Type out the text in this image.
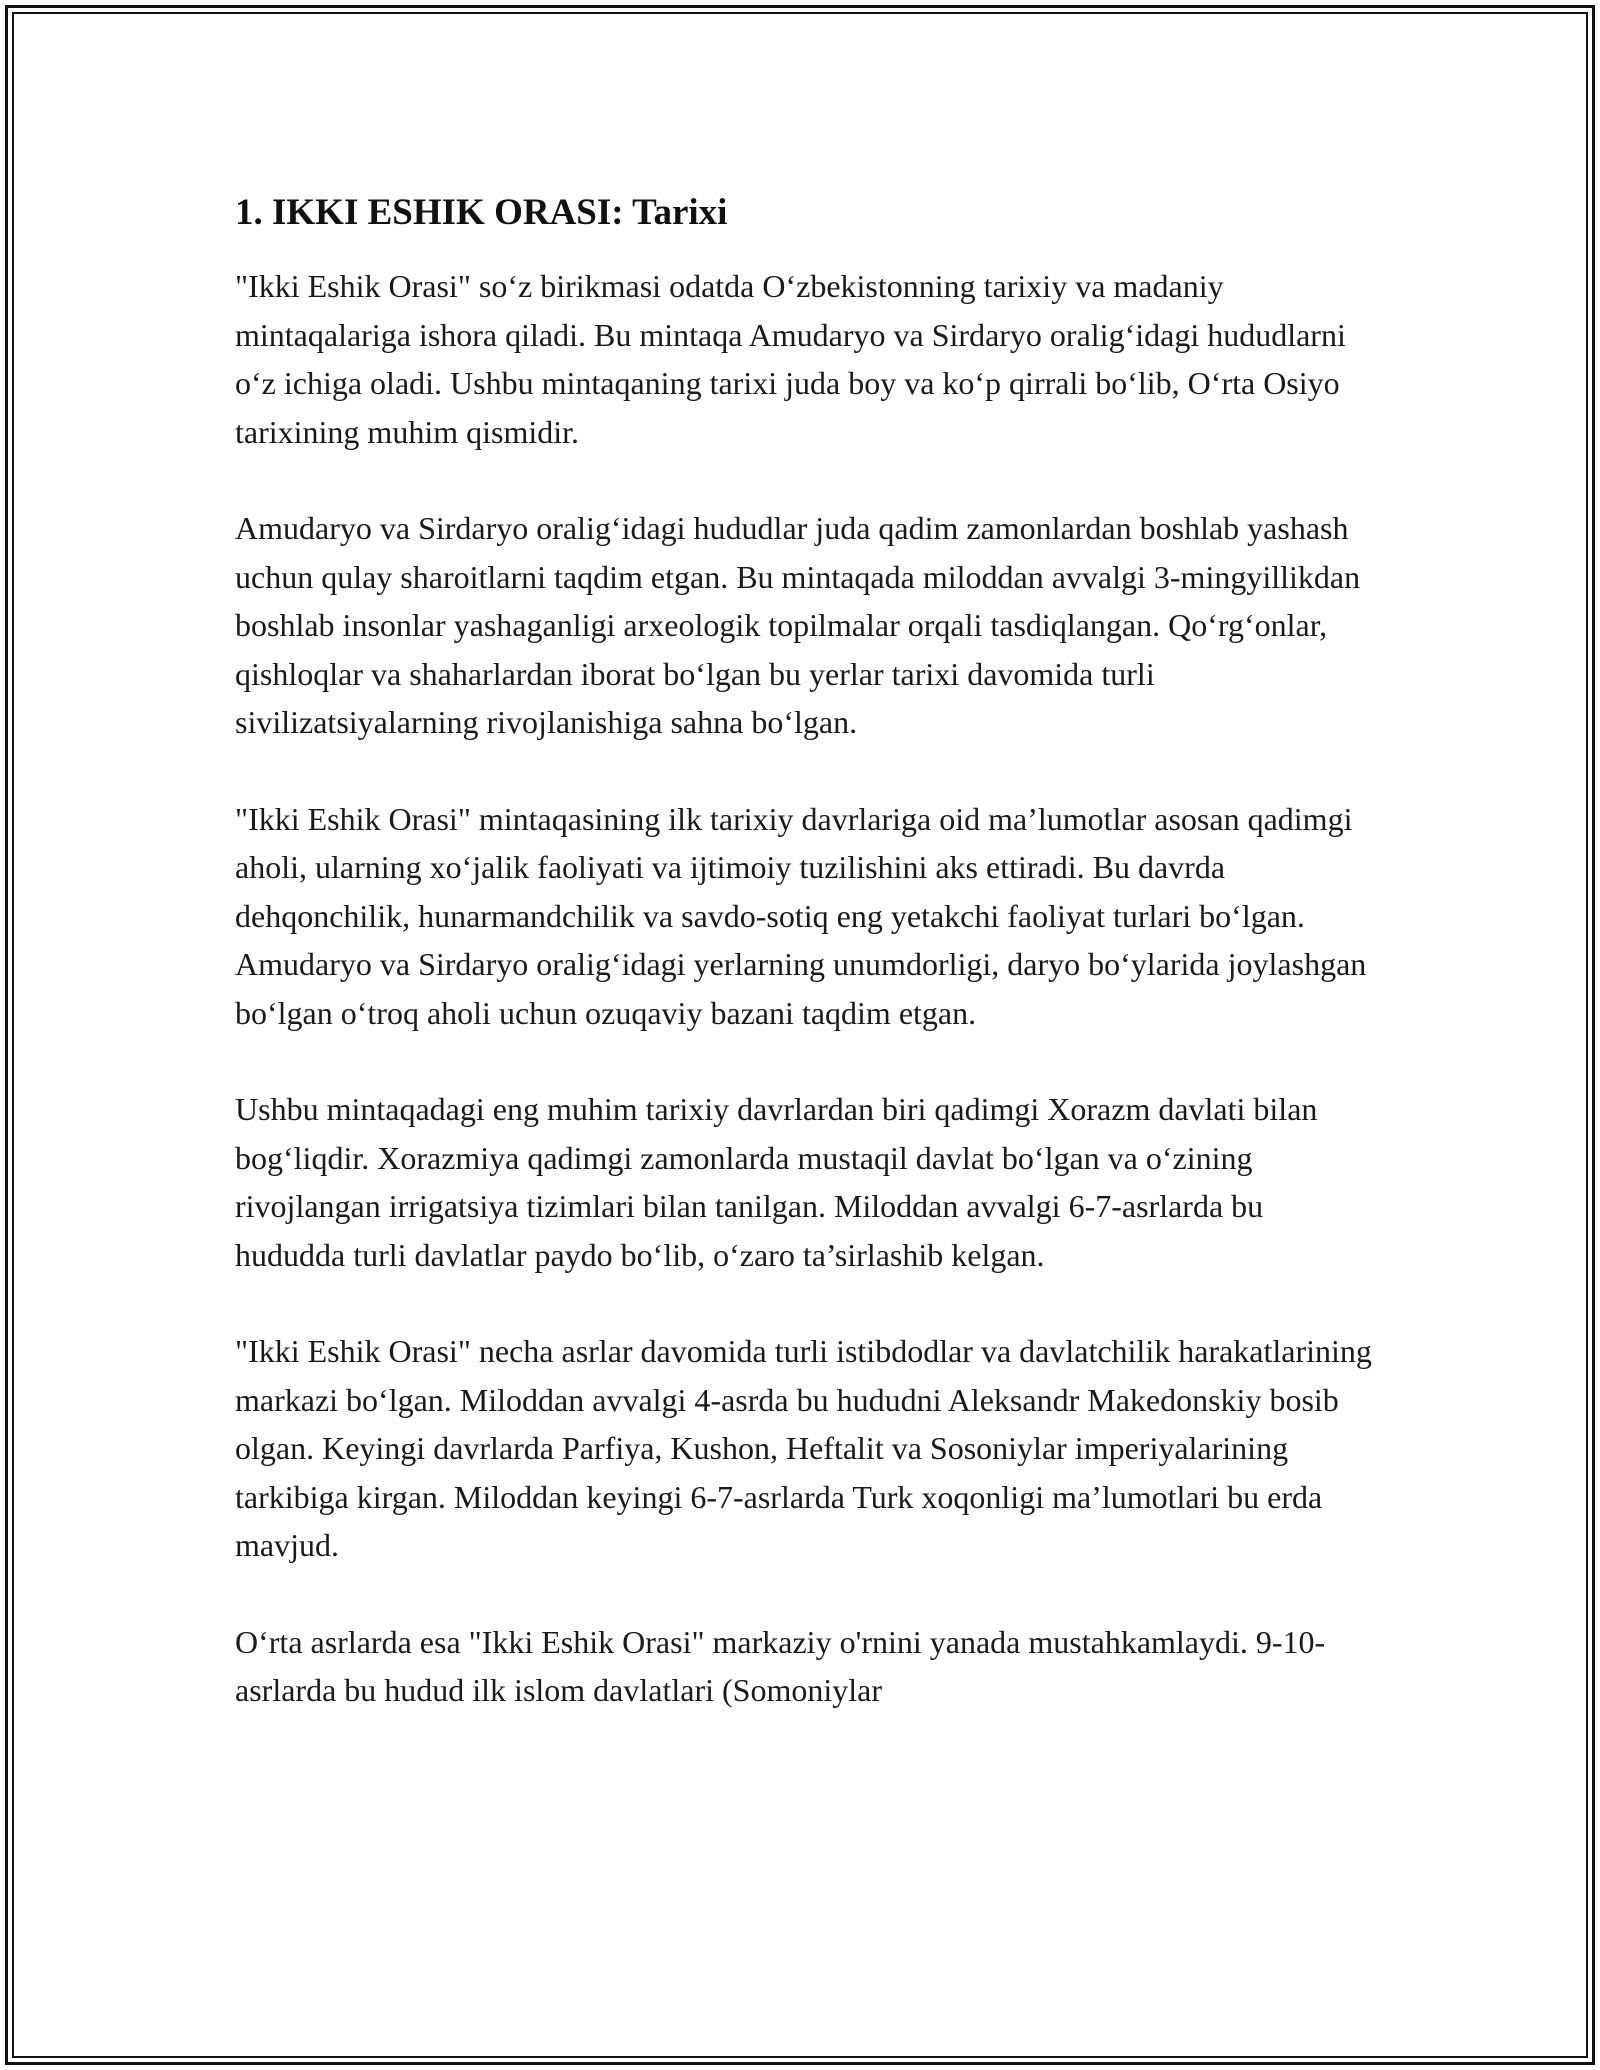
1. IKKI ESHIK ORASI: Tarixi

"Ikki Eshik Orasi" so‘z birikmasi odatda O‘zbekistonning tarixiy va madaniy mintaqalariga ishora qiladi. Bu mintaqa Amudaryo va Sirdaryo oralig‘idagi hududlarni o‘z ichiga oladi. Ushbu mintaqaning tarixi juda boy va ko‘p qirrali bo‘lib, O‘rta Osiyo tarixining muhim qismidir.

Amudaryo va Sirdaryo oralig‘idagi hududlar juda qadim zamonlardan boshlab yashash uchun qulay sharoitlarni taqdim etgan. Bu mintaqada miloddan avvalgi 3-mingyillikdan boshlab insonlar yashaganligi arxeologik topilmalar orqali tasdiqlangan. Qo‘rg‘onlar, qishloqlar va shaharlardan iborat bo‘lgan bu yerlar tarixi davomida turli sivilizatsiyalarning rivojlanishiga sahna bo‘lgan.

"Ikki Eshik Orasi" mintaqasining ilk tarixiy davrlariga oid ma’lumotlar asosan qadimgi aholi, ularning xo‘jalik faoliyati va ijtimoiy tuzilishini aks ettiradi. Bu davrda dehqonchilik, hunarmandchilik va savdo-sotiq eng yetakchi faoliyat turlari bo‘lgan. Amudaryo va Sirdaryo oralig‘idagi yerlarning unumdorligi, daryo bo‘ylarida joylashgan bo‘lgan o‘troq aholi uchun ozuqaviy bazani taqdim etgan.

Ushbu mintaqadagi eng muhim tarixiy davrlardan biri qadimgi Xorazm davlati bilan bog‘liqdir. Xorazmiya qadimgi zamonlarda mustaqil davlat bo‘lgan va o‘zining rivojlangan irrigatsiya tizimlari bilan tanilgan. Miloddan avvalgi 6-7-asrlarda bu hududda turli davlatlar paydo bo‘lib, o‘zaro ta’sirlashib kelgan.

"Ikki Eshik Orasi" necha asrlar davomida turli istibdodlar va davlatchilik harakatlarining markazi bo‘lgan. Miloddan avvalgi 4-asrda bu hududni Aleksandr Makedonskiy bosib olgan. Keyingi davrlarda Parfiya, Kushon, Heftalit va Sosoniylar imperiyalarining tarkibiga kirgan. Miloddan keyingi 6-7-asrlarda Turk xoqonligi ma’lumotlari bu erda mavjud.

O‘rta asrlarda esa "Ikki Eshik Orasi" markaziy o'rnini yanada mustahkamlaydi. 9-10-asrlarda bu hudud ilk islom davlatlari (Somoniylar
